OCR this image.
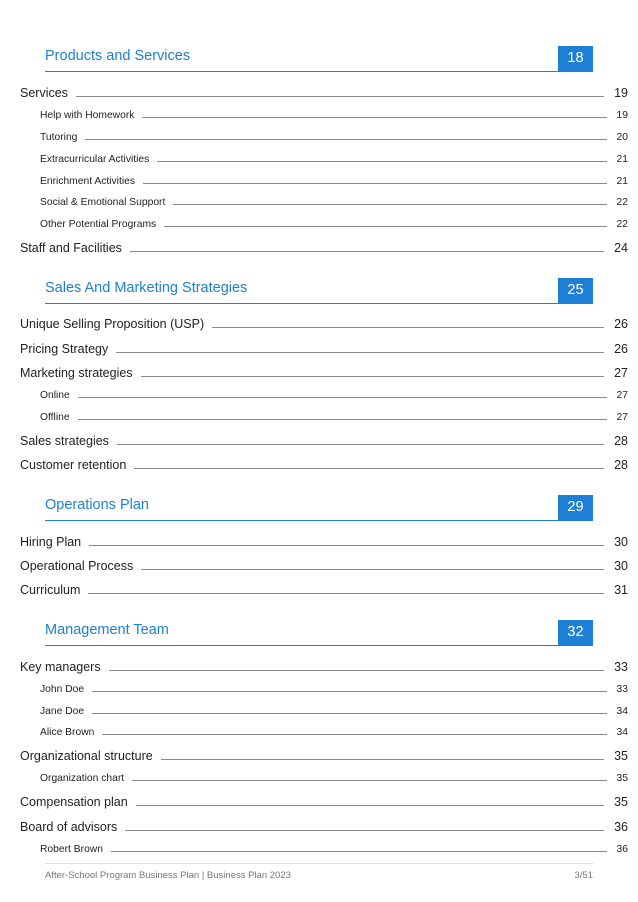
Products and Services	18
Services	19
Help with Homework	19
Tutoring	20
Extracurricular Activities	21
Enrichment Activities	21
Social & Emotional Support	22
Other Potential Programs	22
Staff and Facilities	24
Sales And Marketing Strategies	25
Unique Selling Proposition (USP)	26
Pricing Strategy	26
Marketing strategies	27
Online	27
Offline	27
Sales strategies	28
Customer retention	28
Operations Plan	29
Hiring Plan	30
Operational Process	30
Curriculum	31
Management Team	32
Key managers	33
John Doe	33
Jane Doe	34
Alice Brown	34
Organizational structure	35
Organization chart	35
Compensation plan	35
Board of advisors	36
Robert Brown	36
After-School Program Business Plan | Business Plan 2023	3/51
